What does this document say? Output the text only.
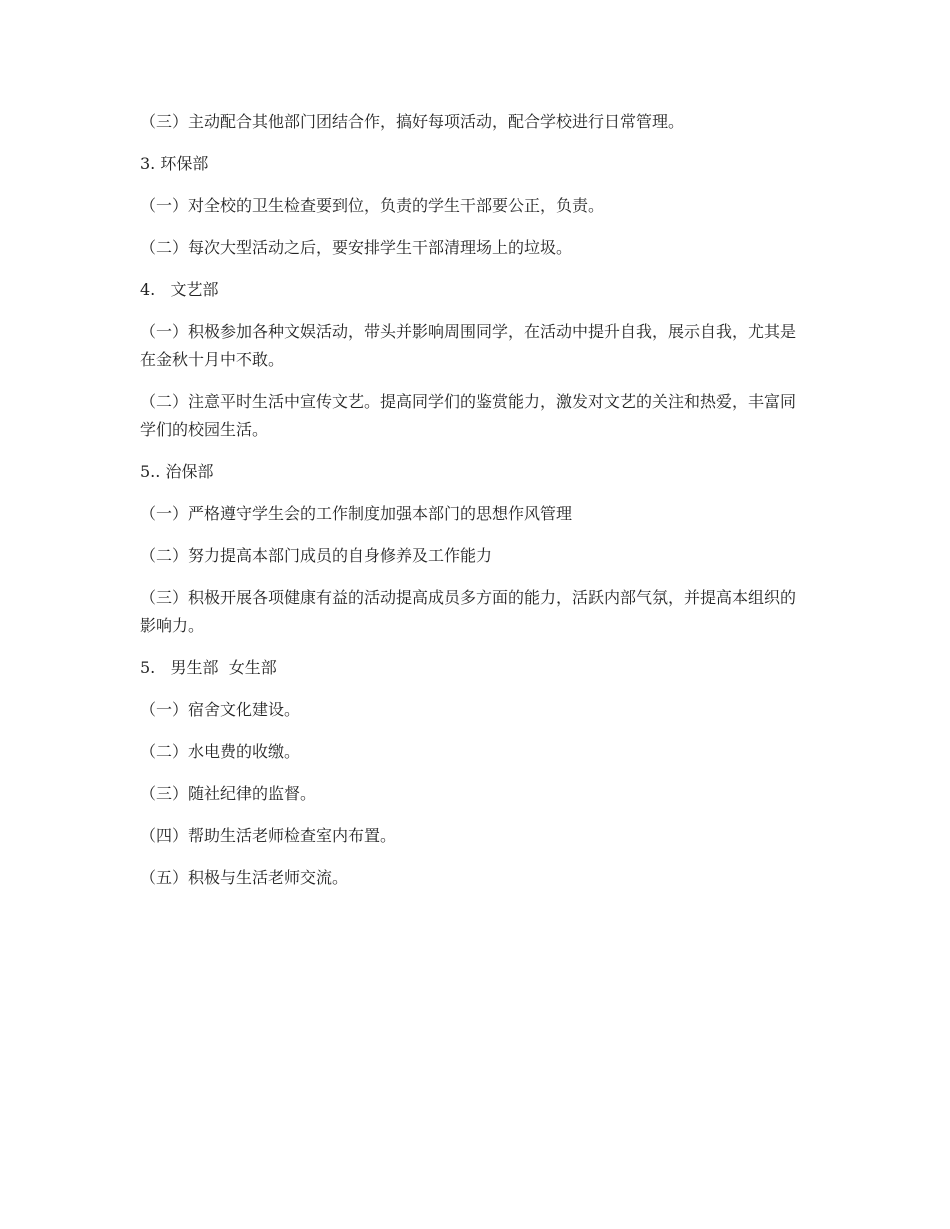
（三）主动配合其他部门团结合作，搞好每项活动，配合学校进行日常管理。

3. 环保部

（一）对全校的卫生检查要到位，负责的学生干部要公正，负责。

（二）每次大型活动之后，要安排学生干部清理场上的垃圾。

4.   文艺部

（一）积极参加各种文娱活动，带头并影响周围同学，在活动中提升自我，展示自我，尤其是在金秋十月中不敢。

（二）注意平时生活中宣传文艺。提高同学们的鉴赏能力，激发对文艺的关注和热爱，丰富同学们的校园生活。

5.. 治保部

（一）严格遵守学生会的工作制度加强本部门的思想作风管理

（二）努力提高本部门成员的自身修养及工作能力

（三）积极开展各项健康有益的活动提高成员多方面的能力，活跃内部气氛，并提高本组织的影响力。

5.   男生部  女生部

（一）宿舍文化建设。

（二）水电费的收缴。

（三）随社纪律的监督。

（四）帮助生活老师检查室内布置。

（五）积极与生活老师交流。
